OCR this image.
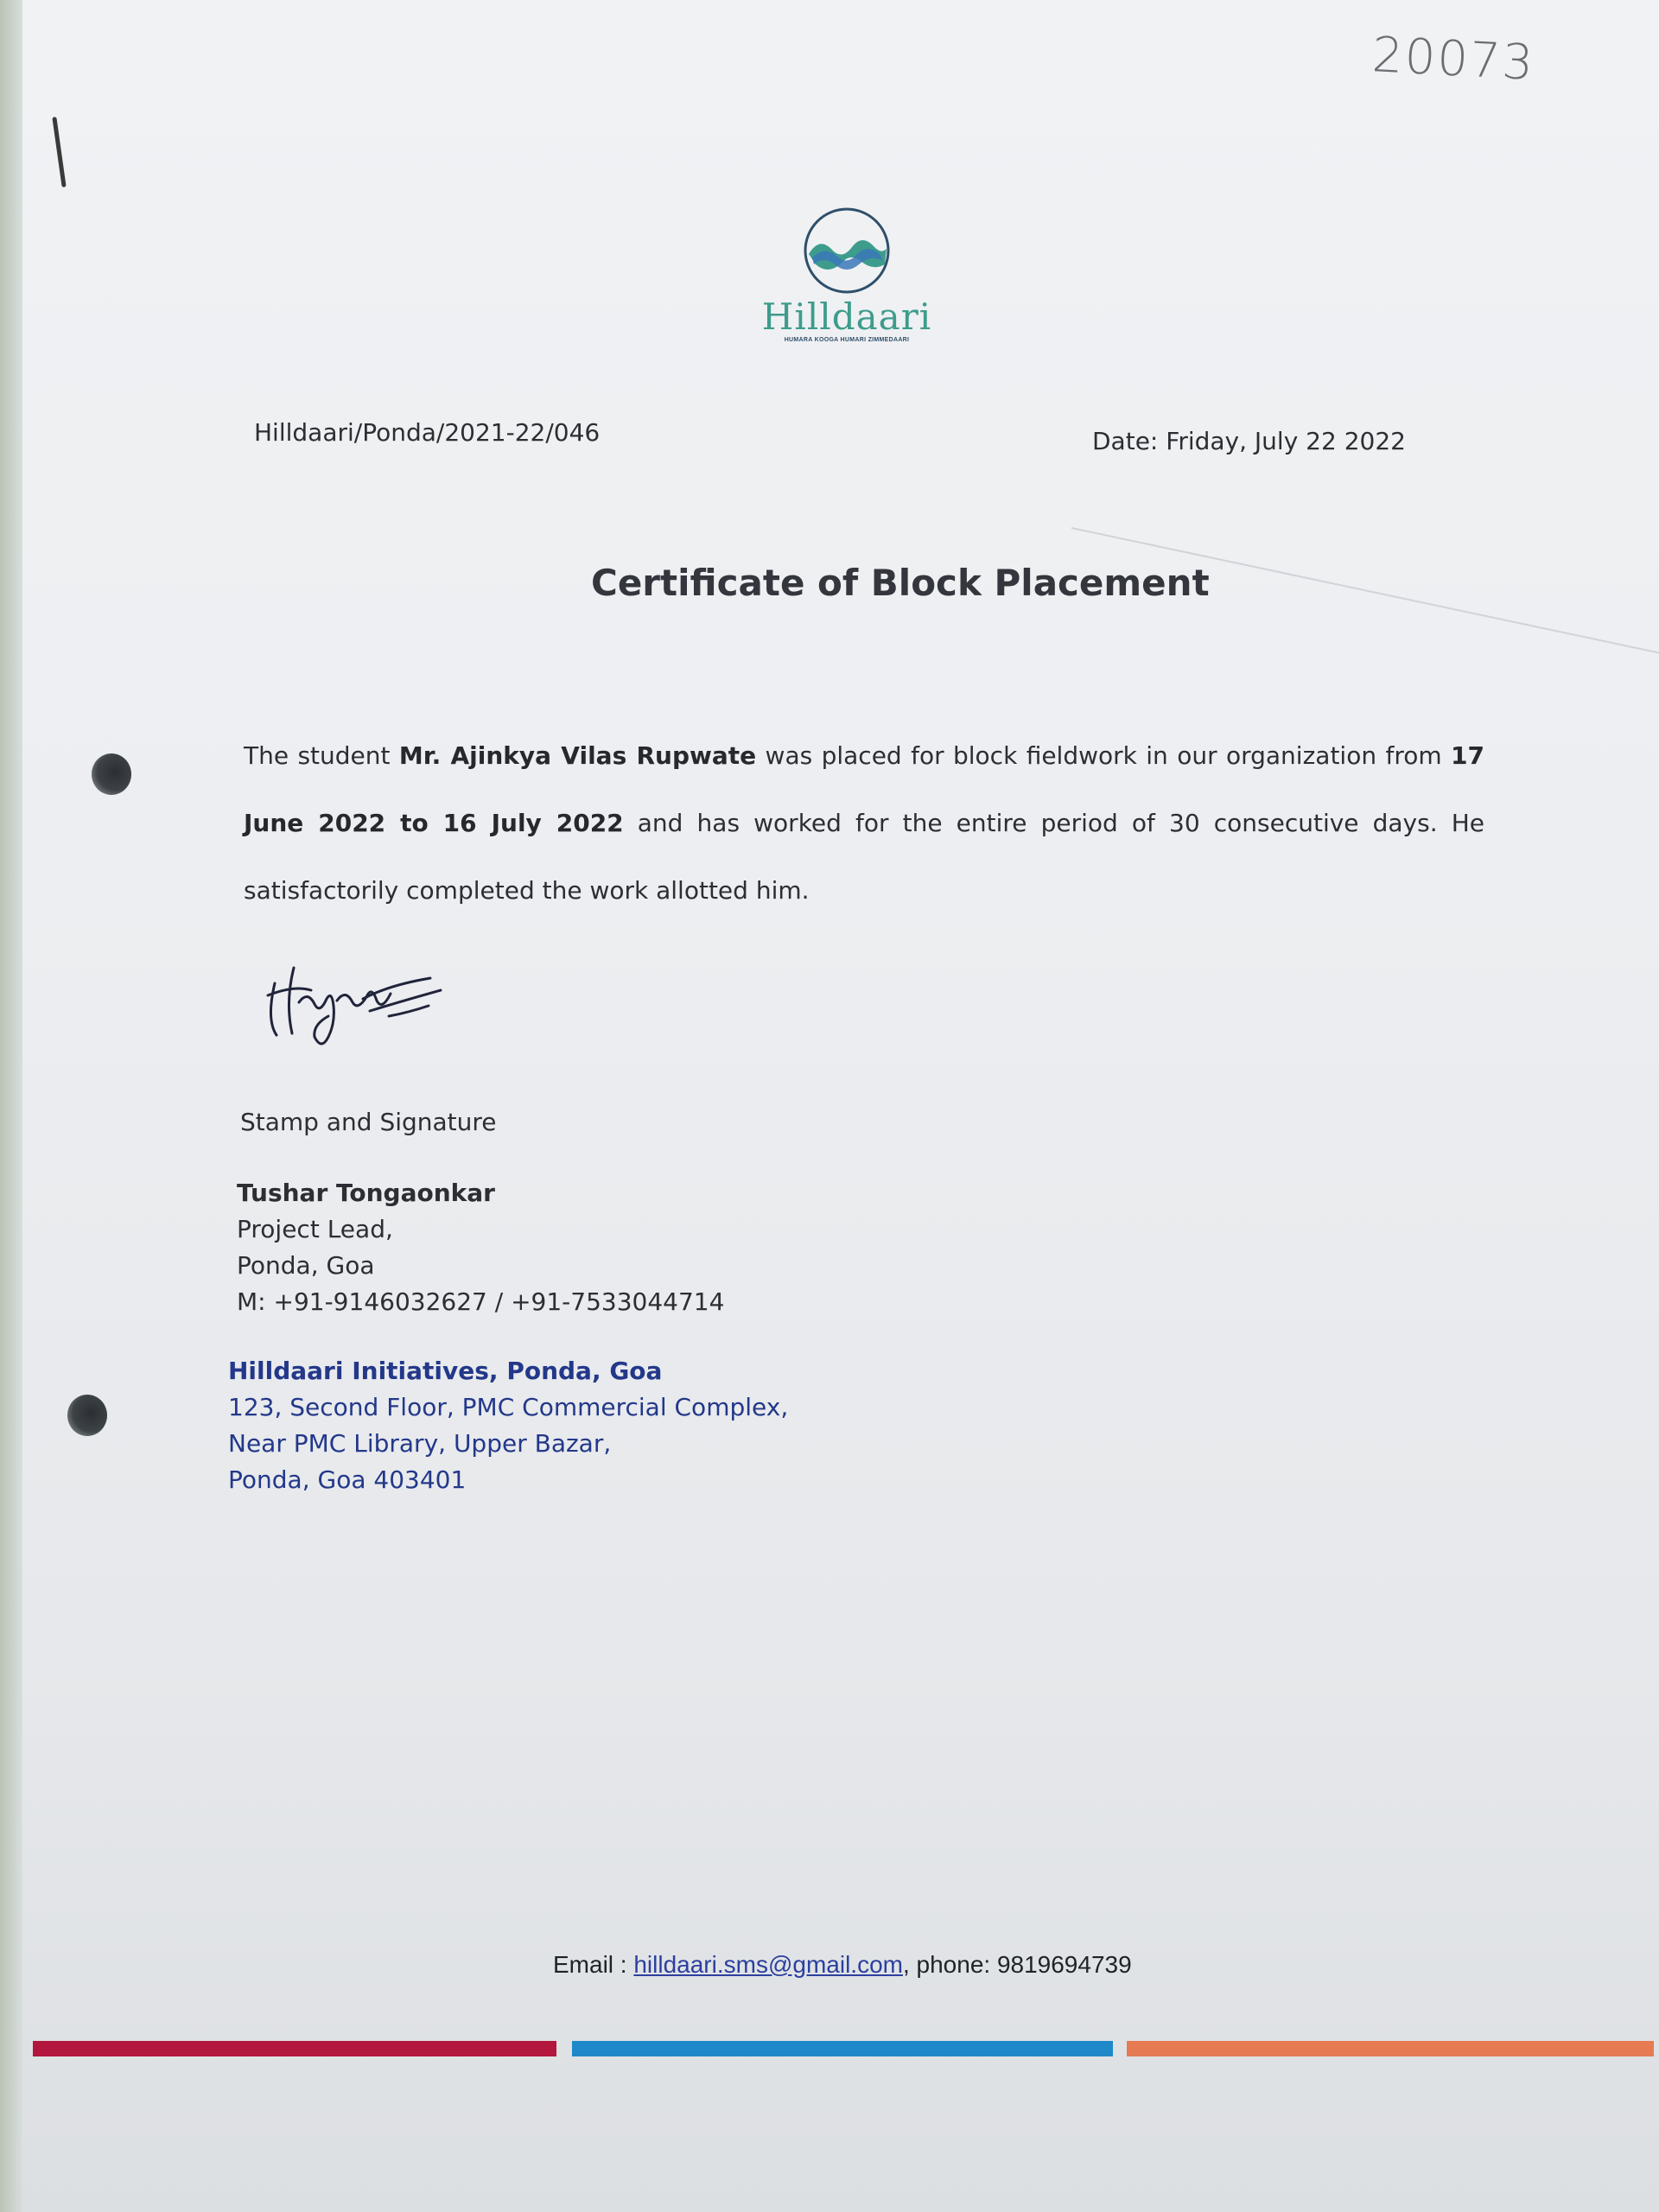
20073
Hilldaari
HUMARA KOOGA HUMARI ZIMMEDAARI
Hilldaari/Ponda/2021-22/046	Date: Friday, July 22 2022
Certificate of Block Placement
The student Mr. Ajinkya Vilas Rupwate was placed for block fieldwork in our organization from 17 June 2022 to 16 July 2022 and has worked for the entire period of 30 consecutive days. He satisfactorily completed the work allotted him.
Stamp and Signature
Tushar Tongaonkar
Project Lead,
Ponda, Goa
M: +91-9146032627 / +91-7533044714
Hilldaari Initiatives, Ponda, Goa
123, Second Floor, PMC Commercial Complex,
Near PMC Library, Upper Bazar,
Ponda, Goa 403401
Email : hilldaari.sms@gmail.com, phone: 9819694739
